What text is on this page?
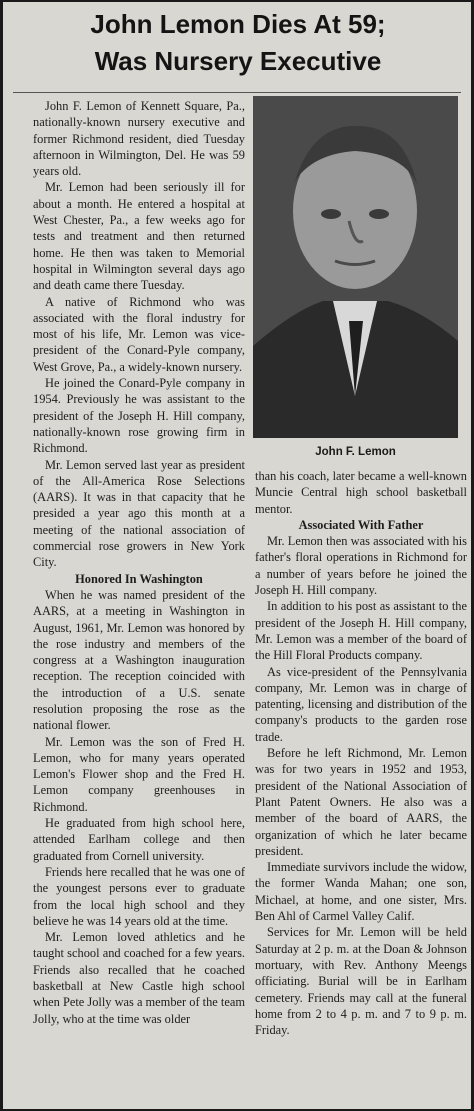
John Lemon Dies At 59;
Was Nursery Executive

John F. Lemon of Kennett Square, Pa., nationally-known nursery executive and former Richmond resident, died Tuesday afternoon in Wilmington, Del. He was 59 years old.

Mr. Lemon had been seriously ill for about a month. He entered a hospital at West Chester, Pa., a few weeks ago for tests and treatment and then returned home. He then was taken to Memorial hospital in Wilmington several days ago and death came there Tuesday.

A native of Richmond who was associated with the floral industry for most of his life, Mr. Lemon was vice-president of the Conard-Pyle company, West Grove, Pa., a widely-known nursery.

He joined the Conard-Pyle company in 1954. Previously he was assistant to the president of the Joseph H. Hill company, nationally-known rose growing firm in Richmond.

Mr. Lemon served last year as president of the All-America Rose Selections (AARS). It was in that capacity that he presided a year ago this month at a meeting of the national association of commercial rose growers in New York City.

Honored In Washington

When he was named president of the AARS, at a meeting in Washington in August, 1961, Mr. Lemon was honored by the rose industry and members of the congress at a Washington inauguration reception. The reception coincided with the introduction of a U.S. senate resolution proposing the rose as the national flower.

Mr. Lemon was the son of Fred H. Lemon, who for many years operated Lemon's Flower shop and the Fred H. Lemon company greenhouses in Richmond.

He graduated from high school here, attended Earlham college and then graduated from Cornell university.

Friends here recalled that he was one of the youngest persons ever to graduate from the local high school and they believe he was 14 years old at the time.

Mr. Lemon loved athletics and he taught school and coached for a few years. Friends also recalled that he coached basketball at New Castle high school when Pete Jolly was a member of the team Jolly, who at the time was older

John F. Lemon

than his coach, later became a well-known Muncie Central high school basketball mentor.

Associated With Father

Mr. Lemon then was associated with his father's floral operations in Richmond for a number of years before he joined the Joseph H. Hill company.

In addition to his post as assistant to the president of the Joseph H. Hill company, Mr. Lemon was a member of the board of the Hill Floral Products company.

As vice-president of the Pennsylvania company, Mr. Lemon was in charge of patenting, licensing and distribution of the company's products to the garden rose trade.

Before he left Richmond, Mr. Lemon was for two years in 1952 and 1953, president of the National Association of Plant Patent Owners. He also was a member of the board of AARS, the organization of which he later became president.

Immediate survivors include the widow, the former Wanda Mahan; one son, Michael, at home, and one sister, Mrs. Ben Ahl of Carmel Valley Calif.

Services for Mr. Lemon will be held Saturday at 2 p. m. at the Doan & Johnson mortuary, with Rev. Anthony Meengs officiating. Burial will be in Earlham cemetery. Friends may call at the funeral home from 2 to 4 p. m. and 7 to 9 p. m. Friday.
